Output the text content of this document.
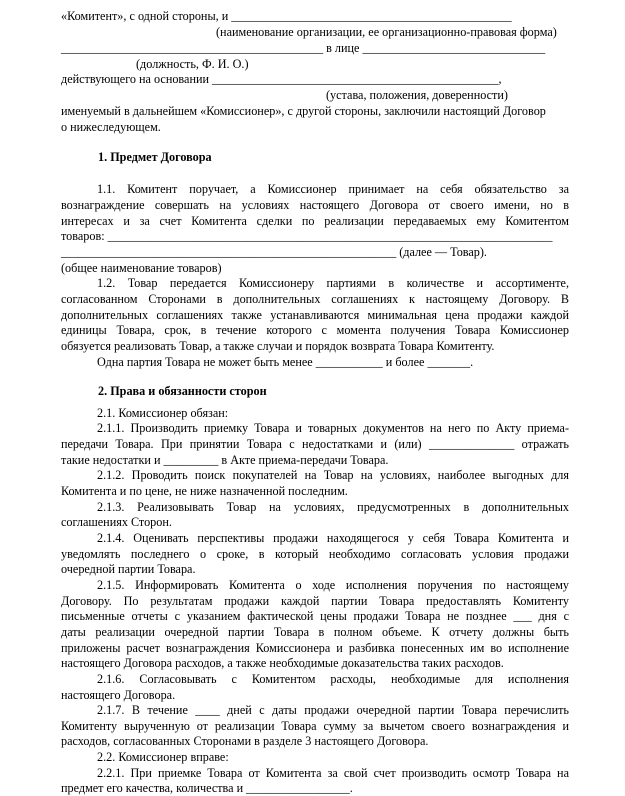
«Комитент», с одной стороны, и ______________________________________________
(наименование организации, ее организационно-правовая форма)
___________________________________________ в лице ______________________________
(должность, Ф. И. О.)
действующего на основании _______________________________________________,
(устава, положения, доверенности)
именуемый в дальнейшем «Комиссионер», с другой стороны, заключили настоящий Договор
о нижеследующем.
1. Предмет Договора
1.1. Комитент поручает, а Комиссионер принимает на себя обязательство за
вознаграждение совершать на условиях настоящего Договора от своего имени, но в
интересах и за счет Комитента сделки по реализации передаваемых ему Комитентом
товаров: _________________________________________________________________________
_______________________________________________________ (далее — Товар).
(общее наименование товаров)
1.2. Товар передается Комиссионеру партиями в количестве и ассортименте,
согласованном Сторонами в дополнительных соглашениях к настоящему Договору. В
дополнительных соглашениях также устанавливаются минимальная цена продажи каждой
единицы Товара, срок, в течение которого с момента получения Товара Комиссионер
обязуется реализовать Товар, а также случаи и порядок возврата Товара Комитенту.
Одна партия Товара не может быть менее ___________ и более _______.
2. Права и обязанности сторон
2.1. Комиссионер обязан:
2.1.1. Производить приемку Товара и товарных документов на него по Акту приема-
передачи Товара. При принятии Товара с недостатками и (или) ______________ отражать
такие недостатки и _________ в Акте приема-передачи Товара.
2.1.2. Проводить поиск покупателей на Товар на условиях, наиболее выгодных для
Комитента и по цене, не ниже назначенной последним.
2.1.3. Реализовывать Товар на условиях, предусмотренных в дополнительных
соглашениях Сторон.
2.1.4. Оценивать перспективы продажи находящегося у себя Товара Комитента и
уведомлять последнего о сроке, в который необходимо согласовать условия продажи
очередной партии Товара.
2.1.5. Информировать Комитента о ходе исполнения поручения по настоящему
Договору. По результатам продажи каждой партии Товара предоставлять Комитенту
письменные отчеты с указанием фактической цены продажи Товара не позднее ___ дня с
даты реализации очередной партии Товара в полном объеме. К отчету должны быть
приложены расчет вознаграждения Комиссионера и разбивка понесенных им во исполнение
настоящего Договора расходов, а также необходимые доказательства таких расходов.
2.1.6. Согласовывать с Комитентом расходы, необходимые для исполнения
настоящего Договора.
2.1.7. В течение ____ дней с даты продажи очередной партии Товара перечислить
Комитенту вырученную от реализации Товара сумму за вычетом своего вознаграждения и
расходов, согласованных Сторонами в разделе 3 настоящего Договора.
2.2. Комиссионер вправе:
2.2.1. При приемке Товара от Комитента за свой счет производить осмотр Товара на
предмет его качества, количества и _________________.
